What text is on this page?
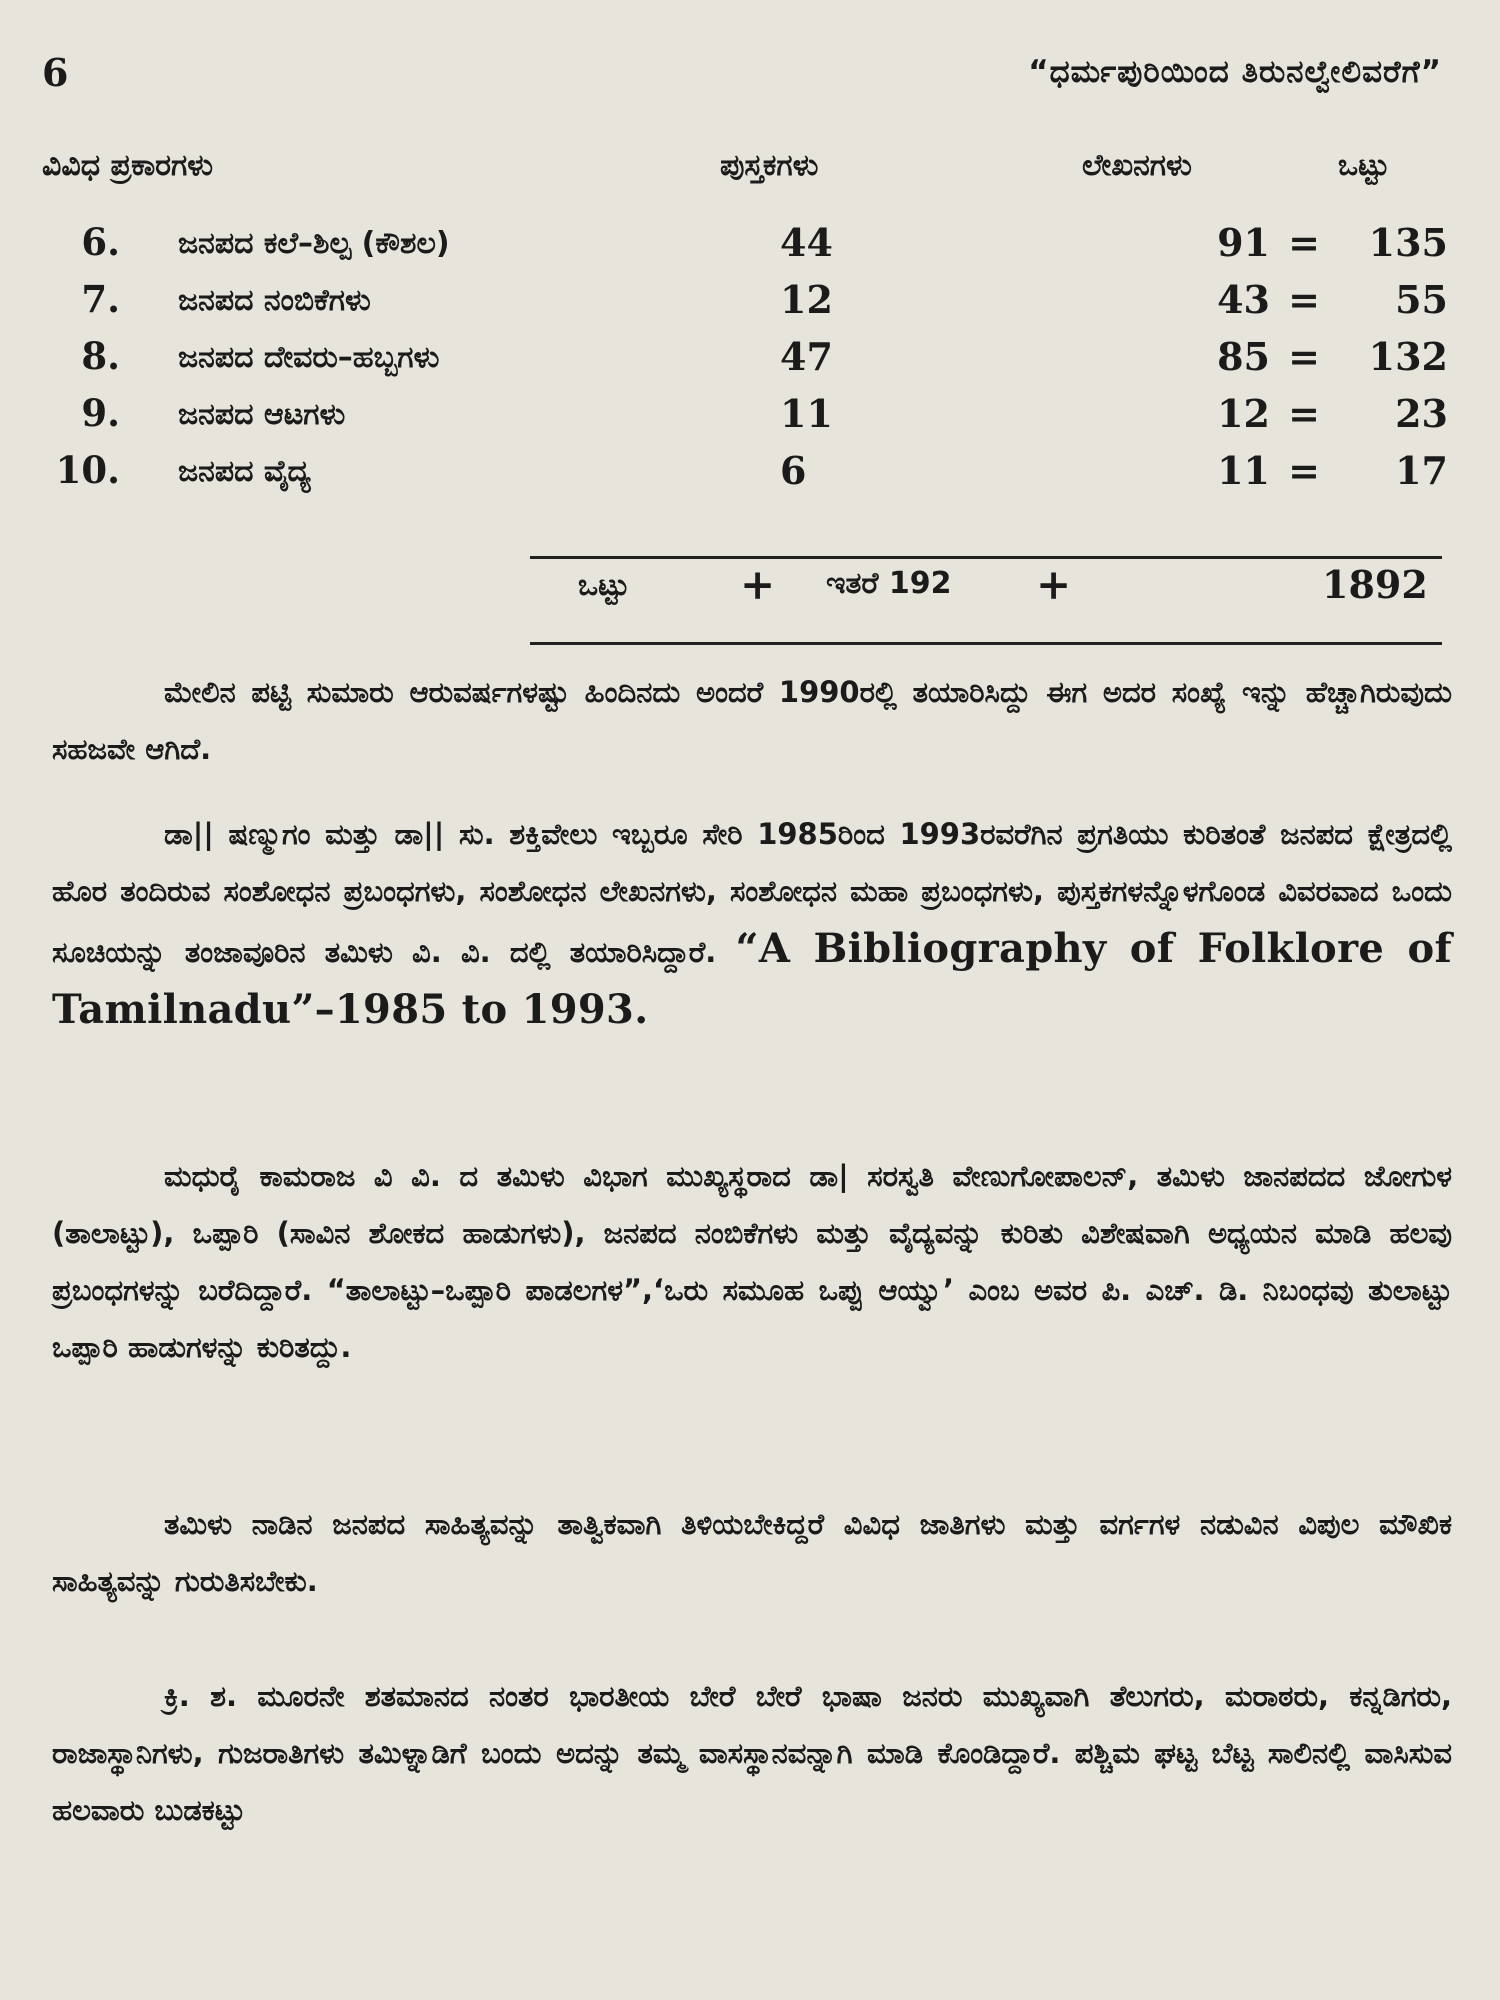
6	“ಧರ್ಮಪುರಿಯಿಂದ ತಿರುನಲ್ವೇಲಿವರೆಗೆ”
ವಿವಿಧ ಪ್ರಕಾರಗಳು	ಪುಸ್ತಕಗಳು	ಲೇಖನಗಳು	ಒಟ್ಟು
6. ಜನಪದ ಕಲೆ–ಶಿಲ್ಪ (ಕೌಶಲ)	44	91 =	135
7. ಜನಪದ ನಂಬಿಕೆಗಳು	12	43 =	55
8. ಜನಪದ ದೇವರು–ಹಬ್ಬಗಳು	47	85 =	132
9. ಜನಪದ ಆಟಗಳು	11	12 =	23
10. ಜನಪದ ವೈದ್ಯ	6	11 =	17
ಒಟ್ಟು	+ ಇತರೆ 192 +	1892

ಮೇಲಿನ ಪಟ್ಟಿ ಸುಮಾರು ಆರುವರ್ಷಗಳಷ್ಟು ಹಿಂದಿನದು ಅಂದರೆ 1990ರಲ್ಲಿ ತಯಾರಿಸಿದ್ದು ಈಗ ಅದರ ಸಂಖ್ಯೆ ಇನ್ನು ಹೆಚ್ಚಾಗಿರುವುದು ಸಹಜವೇ ಆಗಿದೆ.

ಡಾ|| ಷಣ್ಮುಗಂ ಮತ್ತು ಡಾ|| ಸು. ಶಕ್ತಿವೇಲು ಇಬ್ಬರೂ ಸೇರಿ 1985ರಿಂದ 1993ರವರೆಗಿನ ಪ್ರಗತಿಯು ಕುರಿತಂತೆ ಜನಪದ ಕ್ಷೇತ್ರದಲ್ಲಿ ಹೊರ ತಂದಿರುವ ಸಂಶೋಧನ ಪ್ರಬಂಧಗಳು, ಸಂಶೋಧನ ಲೇಖನಗಳು, ಸಂಶೋಧನ ಮಹಾ ಪ್ರಬಂಧಗಳು, ಪುಸ್ತಕಗಳನ್ನೊಳಗೊಂಡ ವಿವರವಾದ ಒಂದು ಸೂಚಿಯನ್ನು ತಂಜಾವೂರಿನ ತಮಿಳು ವಿ. ವಿ. ದಲ್ಲಿ ತಯಾರಿಸಿದ್ದಾರೆ. “A Bibliography of Folklore of Tamilnadu”–1985 to 1993.

ಮಧುರೈ ಕಾಮರಾಜ ವಿ ವಿ. ದ ತಮಿಳು ವಿಭಾಗ ಮುಖ್ಯಸ್ಥರಾದ ಡಾ| ಸರಸ್ವತಿ ವೇಣುಗೋಪಾಲನ್, ತಮಿಳು ಜಾನಪದದ ಜೋಗುಳ (ತಾಲಾಟ್ಟು), ಒಪ್ಪಾರಿ (ಸಾವಿನ ಶೋಕದ ಹಾಡುಗಳು), ಜನಪದ ನಂಬಿಕೆಗಳು ಮತ್ತು ವೈದ್ಯವನ್ನು ಕುರಿತು ವಿಶೇಷವಾಗಿ ಅಧ್ಯಯನ ಮಾಡಿ ಹಲವು ಪ್ರಬಂಧಗಳನ್ನು ಬರೆದಿದ್ದಾರೆ. “ತಾಲಾಟ್ಟು–ಒಪ್ಪಾರಿ ಪಾಡಲಗಳ”,‘ಒರು ಸಮೂಹ ಒಪ್ಪು ಆಯ್ವು’ ಎಂಬ ಅವರ ಪಿ. ಎಚ್. ಡಿ. ನಿಬಂಧವು ತುಲಾಟ್ಟು ಒಪ್ಪಾರಿ ಹಾಡುಗಳನ್ನು ಕುರಿತದ್ದು.

ತಮಿಳು ನಾಡಿನ ಜನಪದ ಸಾಹಿತ್ಯವನ್ನು ತಾತ್ವಿಕವಾಗಿ ತಿಳಿಯಬೇಕಿದ್ದರೆ ವಿವಿಧ ಜಾತಿಗಳು ಮತ್ತು ವರ್ಗಗಳ ನಡುವಿನ ವಿಪುಲ ಮೌಖಿಕ ಸಾಹಿತ್ಯವನ್ನು ಗುರುತಿಸಬೇಕು.

ಕ್ರಿ. ಶ. ಮೂರನೇ ಶತಮಾನದ ನಂತರ ಭಾರತೀಯ ಬೇರೆ ಬೇರೆ ಭಾಷಾ ಜನರು ಮುಖ್ಯವಾಗಿ ತೆಲುಗರು, ಮರಾಠರು, ಕನ್ನಡಿಗರು, ರಾಜಾಸ್ಥಾನಿಗಳು, ಗುಜರಾತಿಗಳು ತಮಿಳ್ನಾಡಿಗೆ ಬಂದು ಅದನ್ನು ತಮ್ಮ ವಾಸಸ್ಥಾನವನ್ನಾಗಿ ಮಾಡಿ ಕೊಂಡಿದ್ದಾರೆ. ಪಶ್ಚಿಮ ಘಟ್ಟ ಬೆಟ್ಟ ಸಾಲಿನಲ್ಲಿ ವಾಸಿಸುವ ಹಲವಾರು ಬುಡಕಟ್ಟು
